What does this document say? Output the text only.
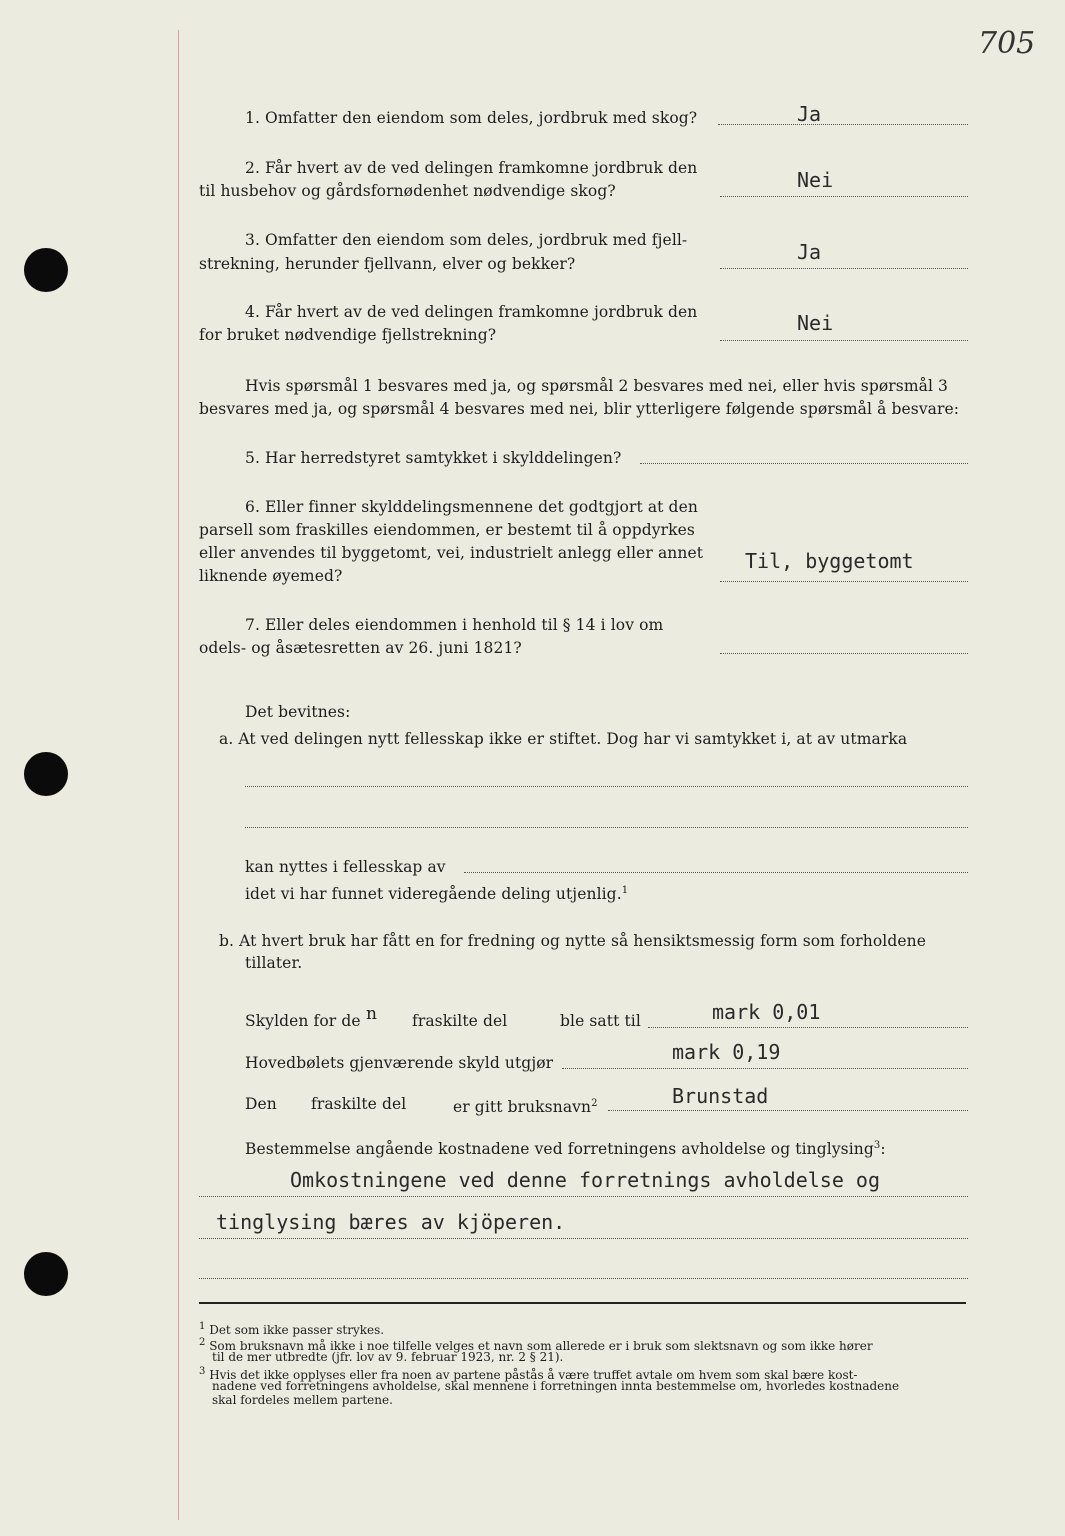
705
1. Omfatter den eiendom som deles, jordbruk med skog?	Ja
2. Får hvert av de ved delingen framkomne jordbruk den
til husbehov og gårdsfornødenhet nødvendige skog?	Nei
3. Omfatter den eiendom som deles, jordbruk med fjell-
strekning, herunder fjellvann, elver og bekker?	Ja
4. Får hvert av de ved delingen framkomne jordbruk den
for bruket nødvendige fjellstrekning?	Nei
Hvis spørsmål 1 besvares med ja, og spørsmål 2 besvares med nei, eller hvis spørsmål 3
besvares med ja, og spørsmål 4 besvares med nei, blir ytterligere følgende spørsmål å besvare:
5. Har herredstyret samtykket i skylddelingen?
6. Eller finner skylddelingsmennene det godtgjort at den
parsell som fraskilles eiendommen, er bestemt til å oppdyrkes
eller anvendes til byggetomt, vei, industrielt anlegg eller annet
liknende øyemed?
Til, byggetomt
7. Eller deles eiendommen i henhold til § 14 i lov om
odels- og åsætesretten av 26. juni 1821?
Det bevitnes:
a. At ved delingen nytt fellesskap ikke er stiftet. Dog har vi samtykket i, at av utmarka
kan nyttes i fellesskap av
idet vi har funnet videregående deling utjenlig.$^1$
b. At hvert bruk har fått en for fredning og nytte så hensiktsmessig form som forholdene
tillater.
Skylden for de n fraskilte del	ble satt til	mark 0,01
Hovedbølets gjenværende skyld utgjør	mark 0,19
Den fraskilte del	er gitt bruksnavn$^2$	Brunstad
Bestemmelse angående kostnadene ved forretningens avholdelse og tinglysing$^3$:
Omkostningene ved denne forretnings avholdelse og
tinglysing bæres av kjöperen.
$^1$ Det som ikke passer strykes.
$^2$ Som bruksnavn må ikke i noe tilfelle velges et navn som allerede er i bruk som slektsnavn og som ikke hører
til de mer utbredte (jfr. lov av 9. februar 1923, nr. 2 § 21).
$^3$ Hvis det ikke opplyses eller fra noen av partene påstås å være truffet avtale om hvem som skal bære kost-
nadene ved forretningens avholdelse, skal mennene i forretningen innta bestemmelse om, hvorledes kostnadene
skal fordeles mellem partene.
